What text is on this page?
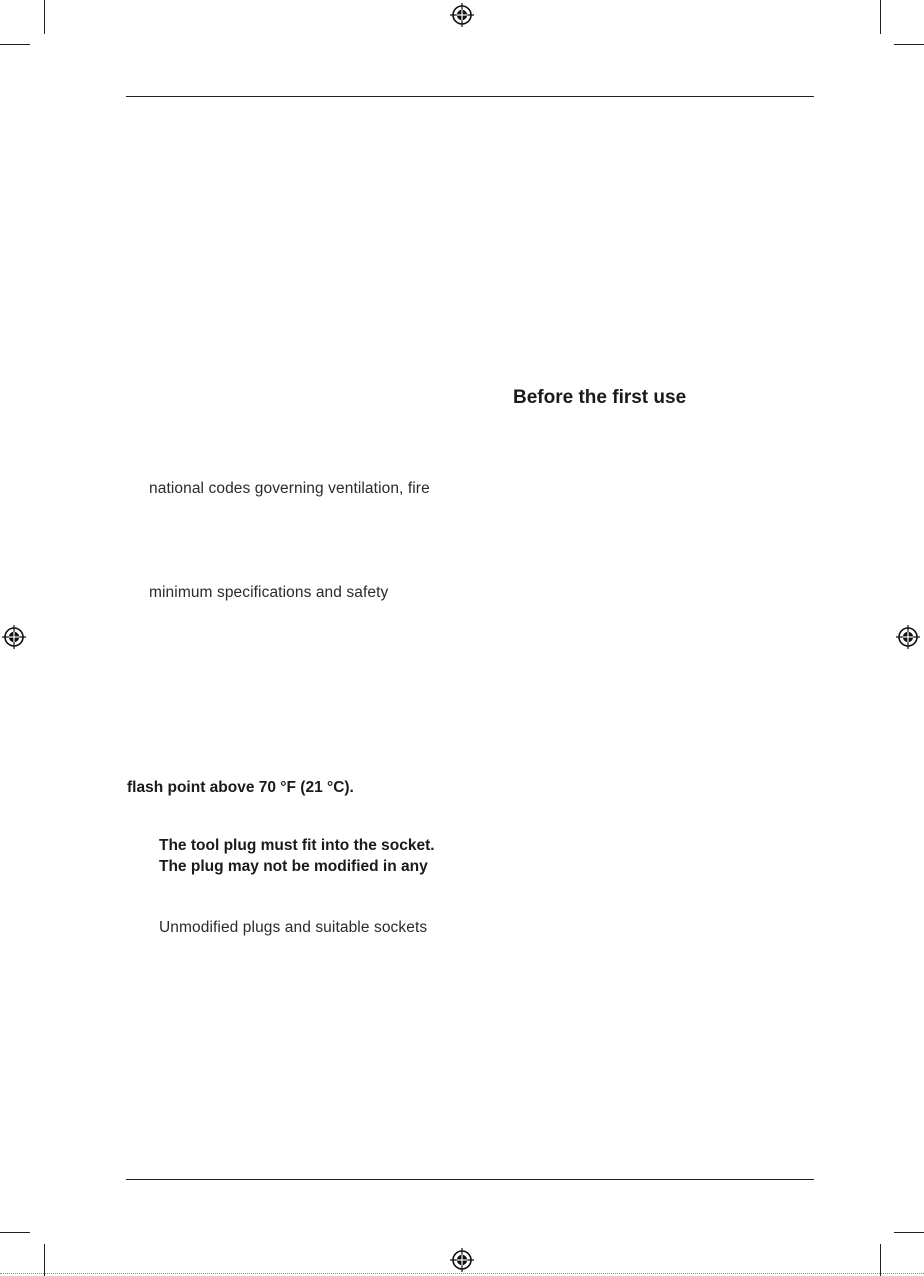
Before the first use
national codes governing ventilation, fire
minimum specifications and safety
flash point above 70 °F (21 °C).
The tool plug must fit into the socket.
The plug may not be modified in any
Unmodified plugs and suitable sockets
